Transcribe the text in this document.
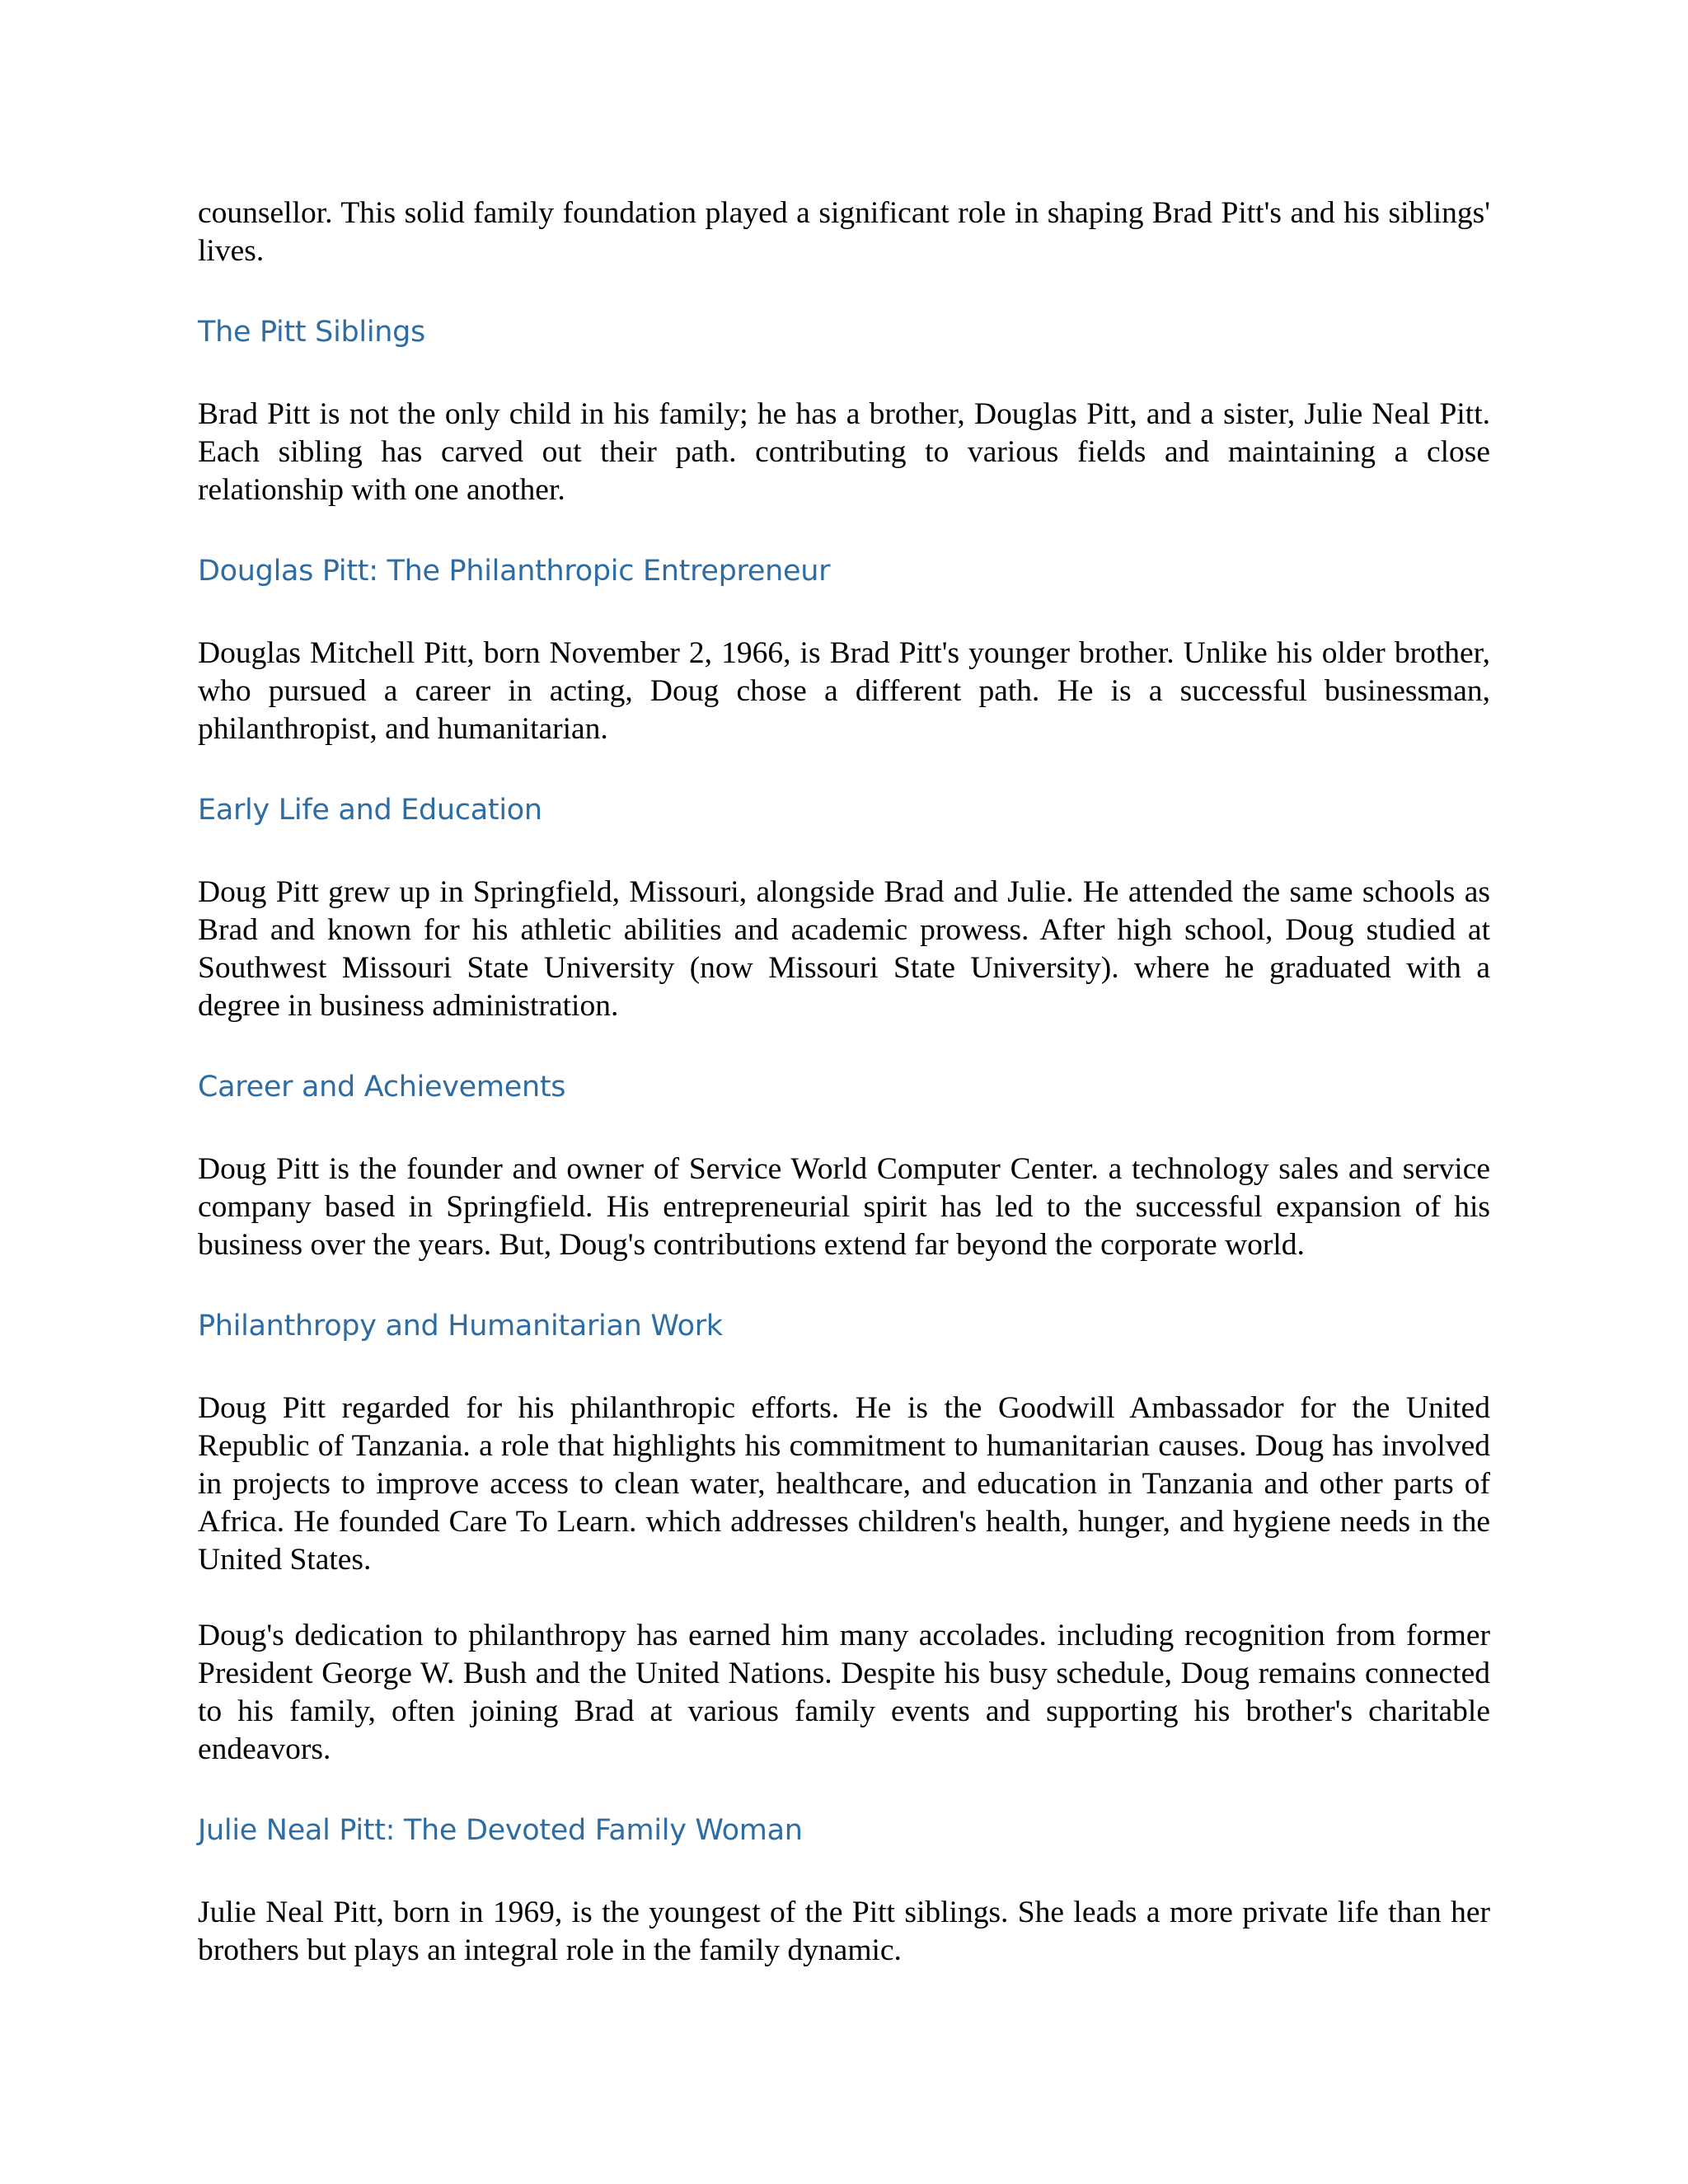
counsellor. This solid family foundation played a significant role in shaping Brad Pitt's and his siblings' lives.

The Pitt Siblings

Brad Pitt is not the only child in his family; he has a brother, Douglas Pitt, and a sister, Julie Neal Pitt. Each sibling has carved out their path. contributing to various fields and maintaining a close relationship with one another.

Douglas Pitt: The Philanthropic Entrepreneur

Douglas Mitchell Pitt, born November 2, 1966, is Brad Pitt's younger brother. Unlike his older brother, who pursued a career in acting, Doug chose a different path. He is a successful businessman, philanthropist, and humanitarian.

Early Life and Education

Doug Pitt grew up in Springfield, Missouri, alongside Brad and Julie. He attended the same schools as Brad and known for his athletic abilities and academic prowess. After high school, Doug studied at Southwest Missouri State University (now Missouri State University). where he graduated with a degree in business administration.

Career and Achievements

Doug Pitt is the founder and owner of Service World Computer Center. a technology sales and service company based in Springfield. His entrepreneurial spirit has led to the successful expansion of his business over the years. But, Doug's contributions extend far beyond the corporate world.

Philanthropy and Humanitarian Work

Doug Pitt regarded for his philanthropic efforts. He is the Goodwill Ambassador for the United Republic of Tanzania. a role that highlights his commitment to humanitarian causes. Doug has involved in projects to improve access to clean water, healthcare, and education in Tanzania and other parts of Africa. He founded Care To Learn. which addresses children's health, hunger, and hygiene needs in the United States.

Doug's dedication to philanthropy has earned him many accolades. including recognition from former President George W. Bush and the United Nations. Despite his busy schedule, Doug remains connected to his family, often joining Brad at various family events and supporting his brother's charitable endeavors.

Julie Neal Pitt: The Devoted Family Woman

Julie Neal Pitt, born in 1969, is the youngest of the Pitt siblings. She leads a more private life than her brothers but plays an integral role in the family dynamic.
